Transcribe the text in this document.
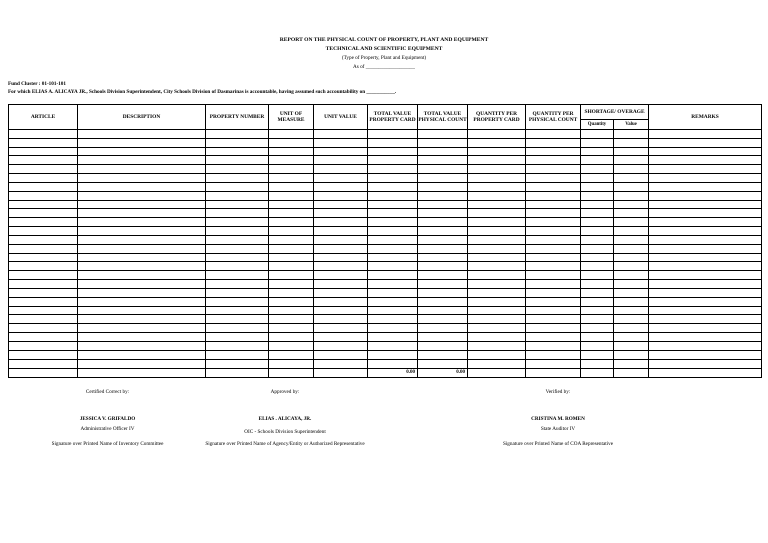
REPORT ON THE PHYSICAL COUNT OF PROPERTY, PLANT AND EQUIPMENT
TECHNICAL AND SCIENTIFIC EQUIPMENT
(Type of Property, Plant and Equipment)
As of ___________________
Fund Cluster : 01-101-101
For which ELIAS A. ALICAYA JR., Schools Division Superintendent, City Schools Division of Dasmarinas is accountable, having assumed such accountability on ___________.
ARTICLE	DESCRIPTION	PROPERTY NUMBER	UNIT OF MEASURE	UNIT VALUE	TOTAL VALUE PROPERTY CARD	TOTAL VALUE PHYSICAL COUNT	QUANTITY PER PROPERTY CARD	QUANTITY PER PHYSICAL COUNT	SHORTAGE/ OVERAGE		REMARKS
									Quantity	Value	

					0.00	0.00					
Certified Correct by:	Approved by:	Verified by:
JESSICA V. GRIFALDO	ELIAS . ALICAYA, JR.	CRISTINA M. ROMEN
Administrative Officer IV	OIC - Schools Division Superintendent	State Auditor IV
Signature over Printed Name of Inventory Committee	Signature over Printed Name of Agency/Entity or Authorized Representative	Signature over Printed Name of COA Representative
